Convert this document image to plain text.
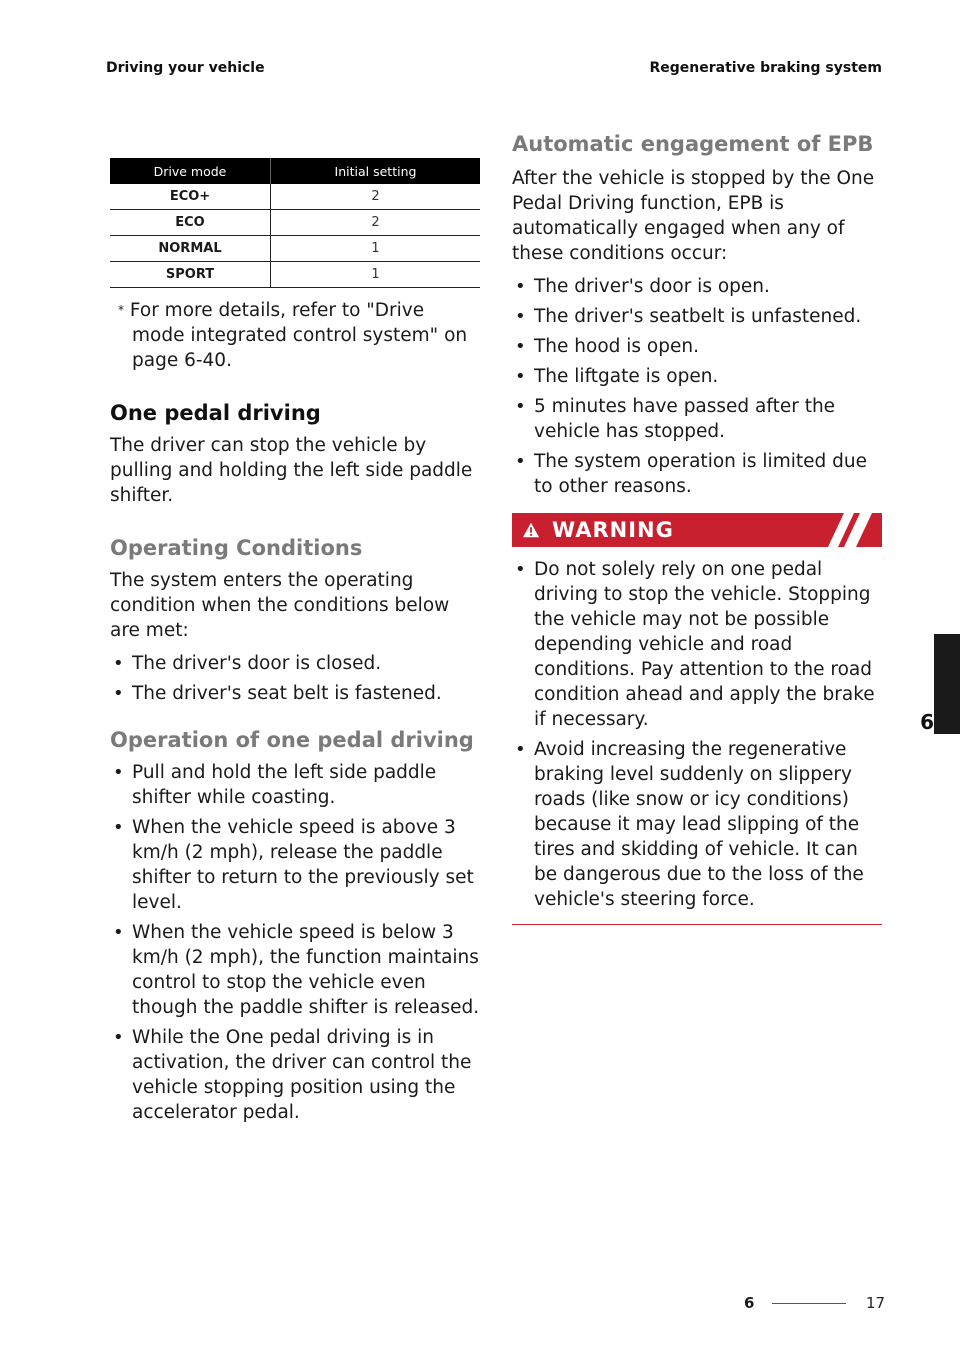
Driving your vehicle	Regenerative braking system
Drive mode	Initial setting
ECO+	2
ECO	2
NORMAL	1
SPORT	1

* For more details, refer to "Drive mode integrated control system" on page 6-40.

One pedal driving

The driver can stop the vehicle by pulling and holding the left side paddle shifter.

Operating Conditions

The system enters the operating condition when the conditions below are met:

• The driver's door is closed.
• The driver's seat belt is fastened.
Operation of one pedal driving
• Pull and hold the left side paddle shifter while coasting.
• When the vehicle speed is above 3 km/h (2 mph), release the paddle shifter to return to the previously set level.
• When the vehicle speed is below 3 km/h (2 mph), the function maintains control to stop the vehicle even though the paddle shifter is released.
• While the One pedal driving is in activation, the driver can control the vehicle stopping position using the accelerator pedal.
Automatic engagement of EPB

After the vehicle is stopped by the One Pedal Driving function, EPB is automatically engaged when any of these conditions occur:

• The driver's door is open.
• The driver's seatbelt is unfastened.
• The hood is open.
• The liftgate is open.
• 5 minutes have passed after the vehicle has stopped.
• The system operation is limited due to other reasons.
WARNING
• Do not solely rely on one pedal driving to stop the vehicle. Stopping the vehicle may not be possible depending vehicle and road conditions. Pay attention to the road condition ahead and apply the brake if necessary.
• Avoid increasing the regenerative braking level suddenly on slippery roads (like snow or icy conditions) because it may lead slipping of the tires and skidding of vehicle. It can be dangerous due to the loss of the vehicle's steering force.
6
6	17
